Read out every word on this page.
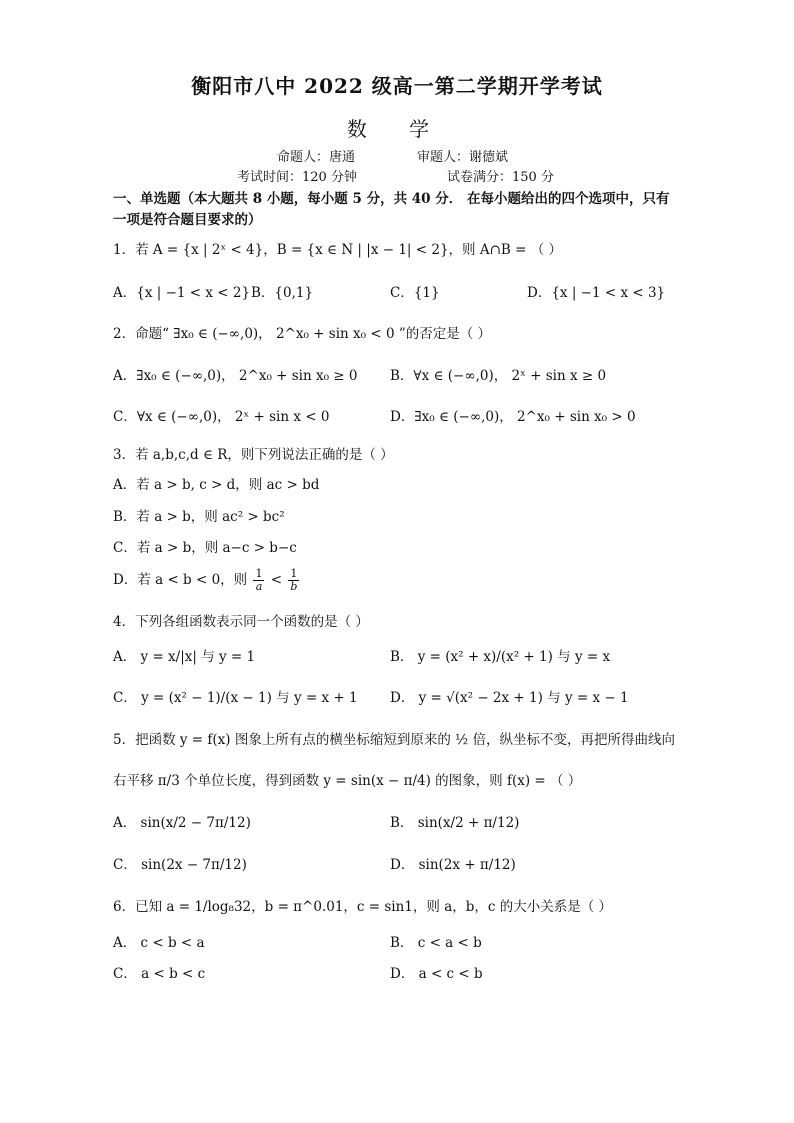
衡阳市八中 2022 级高一第二学期开学考试
数 学
命题人：唐通	审题人：谢德斌
考试时间：120 分钟	试卷满分：150 分
一、单选题（本大题共 8 小题，每小题 5 分，共 40 分． 在每小题给出的四个选项中，只有
一项是符合题目要求的）
1．若 A = {x | 2ˣ < 4}，B = {x ∈ N | |x − 1| < 2}，则 A∩B = （ ）
A．{x | −1 < x < 2} B．{0,1}	C．{1}	D．{x | −1 < x < 3}
2．命题“ ∃x₀ ∈ (−∞,0)， 2^x₀ + sin x₀ < 0 ”的否定是（ ）
A．∃x₀ ∈ (−∞,0)， 2^x₀ + sin x₀ ≥ 0 B．∀x ∈ (−∞,0)， 2ˣ + sin x ≥ 0
C．∀x ∈ (−∞,0)， 2ˣ + sin x < 0	D．∃x₀ ∈ (−∞,0)， 2^x₀ + sin x₀ > 0
3．若 a,b,c,d ∈ R，则下列说法正确的是（ ）
A．若 a > b, c > d，则 ac > bd
B．若 a > b，则 ac² > bc²
C．若 a > b，则 a−c > b−c
D．若 a < b < 0，则 $\frac{1}{a} < \frac{1}{b}$
4．下列各组函数表示同一个函数的是（ ）
A． y = x/|x| 与 y = 1	B． y = (x² + x)/(x² + 1) 与 y = x
C． y = (x² − 1)/(x − 1) 与 y = x + 1 D． y = √(x² − 2x + 1) 与 y = x − 1
5．把函数 y = f(x) 图象上所有点的横坐标缩短到原来的 ½ 倍，纵坐标不变，再把所得曲线向
右平移 π/3 个单位长度，得到函数 y = sin(x − π/4) 的图象，则 f(x) = （ ）
A． sin(x/2 − 7π/12)	B． sin(x/2 + π/12)
C． sin(2x − 7π/12)	D． sin(2x + π/12)
6．已知 a = 1/log₈32，b = π^0.01，c = sin1，则 a，b，c 的大小关系是（ ）
A． c < b < a	B． c < a < b
C． a < b < c	D． a < c < b
